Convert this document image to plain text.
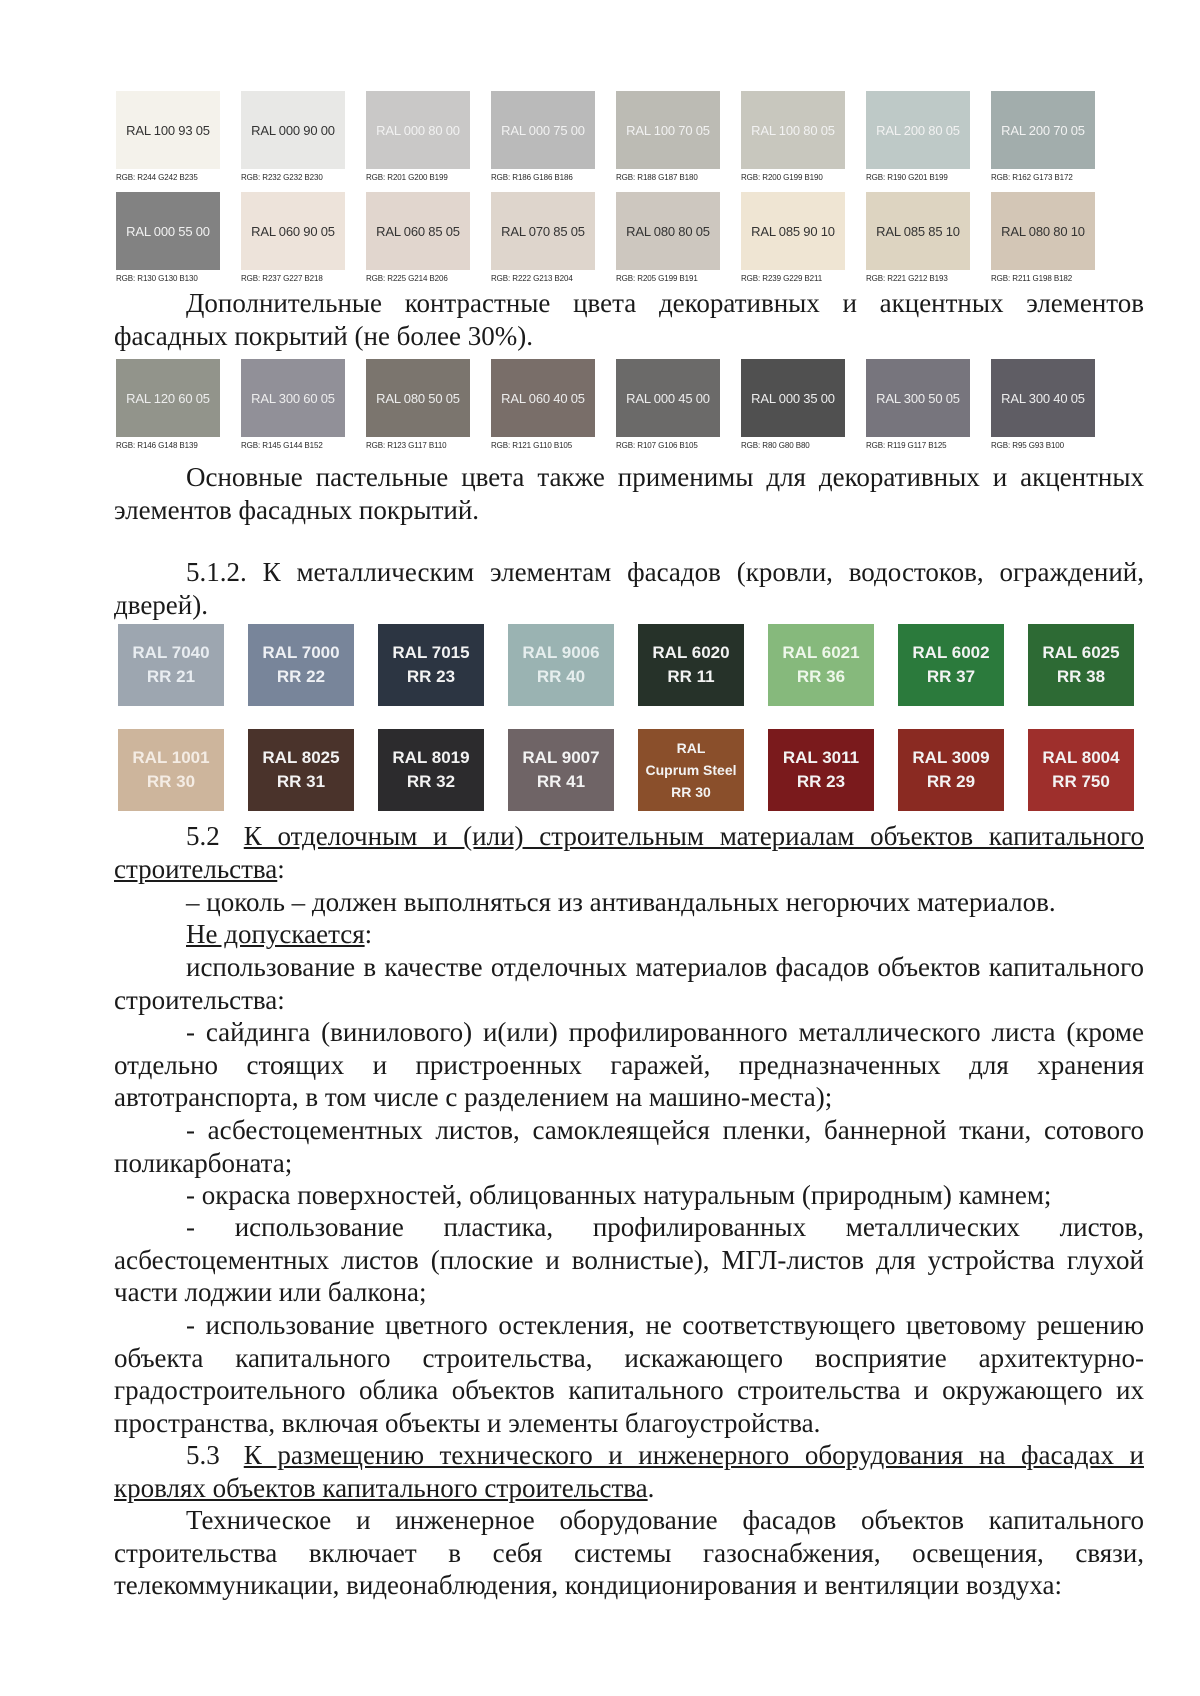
RAL 100 93 05
RGB: R244 G242 B235
RAL 000 90 00
RGB: R232 G232 B230
RAL 000 80 00
RGB: R201 G200 B199
RAL 000 75 00
RGB: R186 G186 B186
RAL 100 70 05
RGB: R188 G187 B180
RAL 100 80 05
RGB: R200 G199 B190
RAL 200 80 05
RGB: R190 G201 B199
RAL 200 70 05
RGB: R162 G173 B172
RAL 000 55 00
RGB: R130 G130 B130
RAL 060 90 05
RGB: R237 G227 B218
RAL 060 85 05
RGB: R225 G214 B206
RAL 070 85 05
RGB: R222 G213 B204
RAL 080 80 05
RGB: R205 G199 B191
RAL 085 90 10
RGB: R239 G229 B211
RAL 085 85 10
RGB: R221 G212 B193
RAL 080 80 10
RGB: R211 G198 B182
Дополнительные контрастные цвета декоративных и акцентных элементов фасадных покрытий (не более 30%).
RAL 120 60 05
RGB: R146 G148 B139
RAL 300 60 05
RGB: R145 G144 B152
RAL 080 50 05
RGB: R123 G117 B110
RAL 060 40 05
RGB: R121 G110 B105
RAL 000 45 00
RGB: R107 G106 B105
RAL 000 35 00
RGB: R80 G80 B80
RAL 300 50 05
RGB: R119 G117 B125
RAL 300 40 05
RGB: R95 G93 B100
Основные пастельные цвета также применимы для декоративных и акцентных элементов фасадных покрытий.
5.1.2. К металлическим элементам фасадов (кровли, водостоков, ограждений, дверей).
RAL 7040
RR 21
RAL 7000
RR 22
RAL 7015
RR 23
RAL 9006
RR 40
RAL 6020
RR 11
RAL 6021
RR 36
RAL 6002
RR 37
RAL 6025
RR 38
RAL 1001
RR 30
RAL 8025
RR 31
RAL 8019
RR 32
RAL 9007
RR 41
RAL
Cuprum Steel
RR 30
RAL 3011
RR 23
RAL 3009
RR 29
RAL 8004
RR 750
5.2 К отделочным и (или) строительным материалам объектов капитального строительства:
– цоколь – должен выполняться из антивандальных негорючих материалов.
Не допускается:
использование в качестве отделочных материалов фасадов объектов капитального строительства:
- сайдинга (винилового) и(или) профилированного металлического листа (кроме отдельно стоящих и пристроенных гаражей, предназначенных для хранения автотранспорта, в том числе с разделением на машино-места);
- асбестоцементных листов, самоклеящейся пленки, баннерной ткани, сотового поликарбоната;
- окраска поверхностей, облицованных натуральным (природным) камнем;
- использование пластика, профилированных металлических листов, асбестоцементных листов (плоские и волнистые), МГЛ-листов для устройства глухой части лоджии или балкона;
- использование цветного остекления, не соответствующего цветовому решению объекта капитального строительства, искажающего восприятие архитектурно-градостроительного облика объектов капитального строительства и окружающего их пространства, включая объекты и элементы благоустройства.
5.3 К размещению технического и инженерного оборудования на фасадах и кровлях объектов капитального строительства.
Техническое и инженерное оборудование фасадов объектов капитального строительства включает в себя системы газоснабжения, освещения, связи, телекоммуникации, видеонаблюдения, кондиционирования и вентиляции воздуха:
